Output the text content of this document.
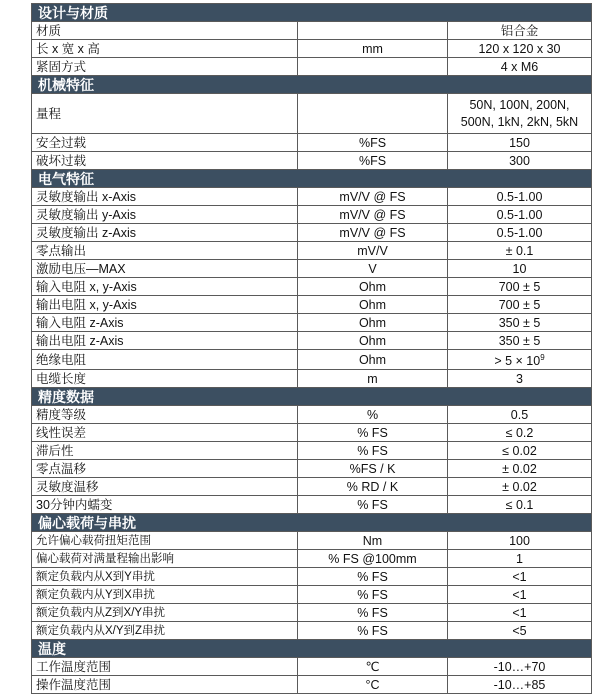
设计与材质		
材质		铝合金
长 x 宽 x 高	mm	120 x 120 x 30
紧固方式		4 x M6
机械特征		
量程		50N, 100N, 200N, 500N, 1kN, 2kN, 5kN
安全过载	%FS	150
破坏过载	%FS	300
电气特征		
灵敏度输出 x-Axis	mV/V @ FS	0.5-1.00
灵敏度输出 y-Axis	mV/V @ FS	0.5-1.00
灵敏度输出 z-Axis	mV/V @ FS	0.5-1.00
零点输出	mV/V	± 0.1
激励电压—MAX	V	10
输入电阻 x, y-Axis	Ohm	700 ± 5
输出电阻 x, y-Axis	Ohm	700 ± 5
输入电阻 z-Axis	Ohm	350 ± 5
输出电阻 z-Axis	Ohm	350 ± 5
绝缘电阻	Ohm	> $5 \times 10^9$
电缆长度	m	3
精度数据		
精度等级	%	0.5
线性误差	% FS	≤ 0.2
滞后性	% FS	≤ 0.02
零点温移	%FS / K	± 0.02
灵敏度温移	% RD / K	± 0.02
30分钟内蠕变	% FS	≤ 0.1
偏心载荷与串扰		
允许偏心载荷扭矩范围	Nm	100
偏心载荷对满量程输出影响	% FS @100mm	1
额定负载内从X到Y串扰	% FS	<1
额定负载内从Y到X串扰	% FS	<1
额定负载内从Z到X/Y串扰	% FS	<1
额定负载内从X/Y到Z串扰	% FS	<5
温度		
工作温度范围	℃	-10…+70
操作温度范围	°C	-10…+85
